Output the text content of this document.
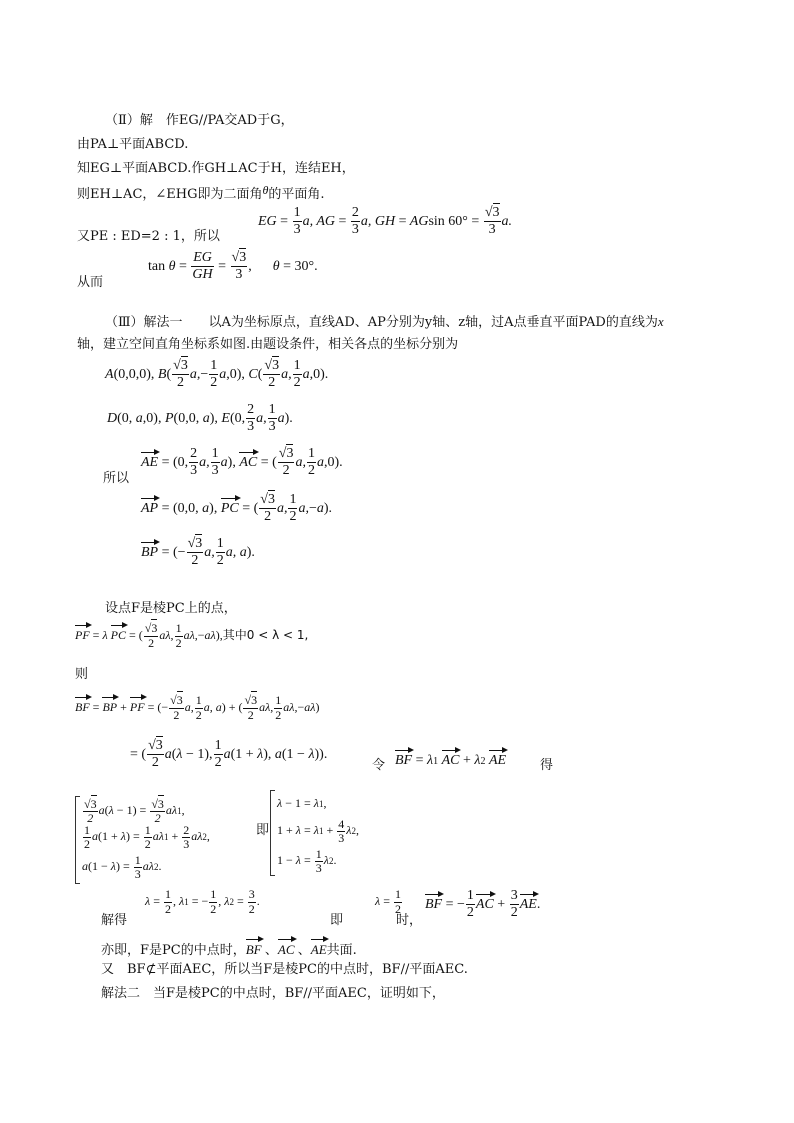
（Ⅱ）解　作EG//PA交AD于G，
由PA⊥平面ABCD.
知EG⊥平面ABCD.作GH⊥AC于H，连结EH，
则EH⊥AC，∠EHG即为二面角θ的平面角.
EG = $\frac{1}{3} a$, AG = $\frac{2}{3} a$, GH = AGsin $60^\circ = \frac{√3}{3} a$.
又PE : ED=2 : 1，所以
$\tan \theta = \frac{EG}{GH} = \frac{√3}{3}$ ,      θ = 30°.
从而
（Ⅲ）解法一　　以A为坐标原点，直线AD、AP分别为y轴、z轴，过A点垂直平面PAD的直线为x
轴，建立空间直角坐标系如图.由题设条件，相关各点的坐标分别为
A(0,0,0), $B( \frac{√3}{2} a,- \frac{1}{2} a,0)$, $C( \frac{√3}{2} a$, $\frac{1}{2} a,0$).
D(0, a,0), P(0,0, a), E(0, $\frac{2}{3} a$, $\frac{1}{3} a$).
AE = (0, $\frac{2}{3} a$, $\frac{1}{3} a$), AC = ( $\frac{√3}{2} a$, $\frac{1}{2} a,0$).
所以
AP = (0,0, a), PC = ( $\frac{√3}{2} a$, $\frac{1}{2} a,-a$).
BP = (− $\frac{√3}{2} a$, $\frac{1}{2} a$, a).
设点F是棱PC上的点，
PF = λ PC = ( $\frac{√3}{2} a\lambda$, $\frac{1}{2} a\lambda,-a\lambda$),其中0 < λ < 1,
则
BF = BP + PF = (− $\frac{√3}{2} a$, $\frac{1}{2} a$, a) + ( $\frac{√3}{2} a\lambda$, $\frac{1}{2} a\lambda,-a\lambda$)
= ( $\frac{√3}{2} a(\lambda - 1)$, $\frac{1}{2} a(1 + \lambda)$, a(1 − λ)).
令 BF = λ1 AC + λ2 AE	得
$\frac{√3}{2} a(\lambda - 1) = \frac{√3}{2} a\lambda 1$,
$\frac{1}{2} a(1 + \lambda) = \frac{1}{2} a\lambda 1 + \frac{2}{3} a\lambda 2$,
$a(1 - \lambda) = \frac{1}{3} a\lambda 2$.
即
λ − 1 = λ1,
$1 + \lambda = \lambda 1 + \frac{4}{3} \lambda 2$,
$1 - \lambda = \frac{1}{3} \lambda 2$.
$\lambda = \frac{1}{2}$ , λ1 = − $\frac{1}{2}$ , $\lambda 2 = \frac{3}{2}$ .
解得	即
$\lambda = \frac{1}{2}$
时，
BF = − $\frac{1}{2}$ AC + $\frac{3}{2}$ AE.
亦即，F是PC的中点时，BF 、AC 、AE共面.
又　BF⊄平面AEC，所以当F是棱PC的中点时，BF//平面AEC.
解法二　当F是棱PC的中点时，BF//平面AEC，证明如下，
